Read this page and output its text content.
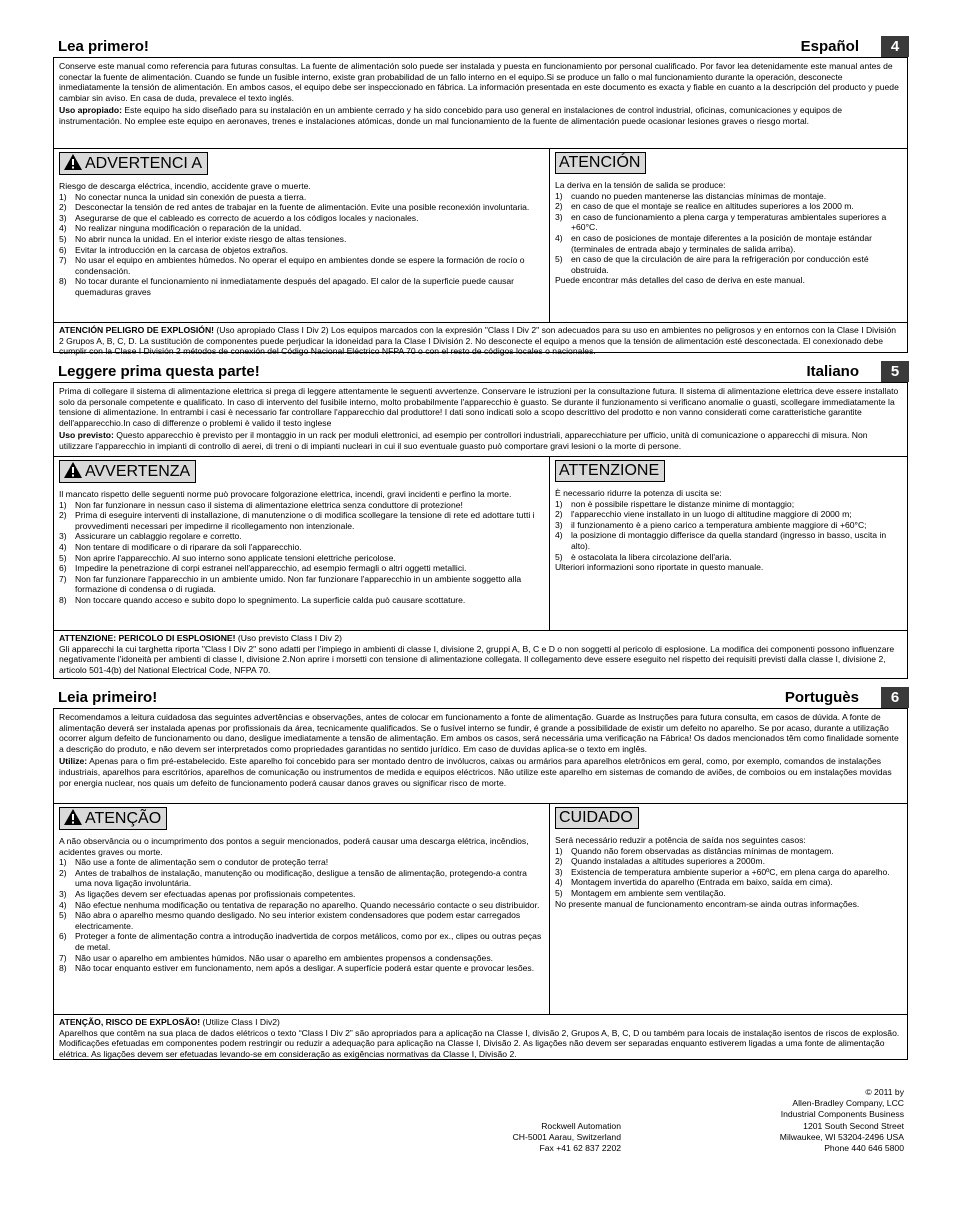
Lea primero!	Español	4

Conserve este manual como referencia para futuras consultas. La fuente de alimentación solo puede ser instalada y puesta en funcionamiento por personal cualificado. Por favor lea detenidamente este manual antes de conectar la fuente de alimentación. Cuando se funde un fusible interno, existe gran probabilidad de un fallo interno en el equipo.Si se produce un fallo o mal funcionamiento durante la operación, desconecte inmediatamente la tensión de alimentación. En ambos casos, el equipo debe ser inspeccionado en fábrica. La información presentada en este documento es exacta y fiable en cuanto a la descripción del producto y puede cambiar sin aviso. En casa de duda, prevalece el texto inglés.

Uso apropiado: Este equipo ha sido diseñado para su instalación en un ambiente cerrado y ha sido concebido para uso general en instalaciones de control industrial, oficinas, comunicaciones y equipos de instrumentación. No emplee este equipo en aeronaves, trenes e instalaciones atómicas, donde un mal funcionamiento de la fuente de alimentación puede ocasionar lesiones graves o riesgo mortal.

ADVERTENCI A
Riesgo de descarga eléctrica, incendio, accidente grave o muerte.
1) No conectar nunca la unidad sin conexión de puesta a tierra.
2) Desconectar la tensión de red antes de trabajar en la fuente de alimentación. Evite una posible reconexión involuntaria.
3) Asegurarse de que el cableado es correcto de acuerdo a los códigos locales y nacionales.
4) No realizar ninguna modificación o reparación de la unidad.
5) No abrir nunca la unidad. En el interior existe riesgo de altas tensiones.
6) Evitar la introducción en la carcasa de objetos extraños.
7) No usar el equipo en ambientes húmedos. No operar el equipo en ambientes donde se espere la formación de rocío o condensación.
8) No tocar durante el funcionamiento ni inmediatamente después del apagado. El calor de la superficie puede causar quemaduras graves
ATENCIÓN
La deriva en la tensión de salida se produce:
1) cuando no pueden mantenerse las distancias mínimas de montaje.
2) en caso de que el montaje se realice en altitudes superiores a los 2000 m.
3) en caso de funcionamiento a plena carga y temperaturas ambientales superiores a +60°C.
4) en caso de posiciones de montaje diferentes a la posición de montaje estándar (terminales de entrada abajo y terminales de salida arriba).
5) en caso de que la circulación de aire para la refrigeración por conducción esté obstruida.
Puede encontrar más detalles del caso de deriva en este manual.
ATENCIÓN PELIGRO DE EXPLOSIÓN! (Uso apropiado Class I Div 2) Los equipos marcados con la expresión "Class I Div 2" son adecuados para su uso en ambientes no peligrosos y en entornos con la Clase I División 2 Grupos A, B, C, D. La sustitución de componentes puede perjudicar la idoneidad para la Clase I División 2. No desconecte el equipo a menos que la tensión de alimentación esté desconectada. El conexionado debe cumplir con la Clase I División 2 métodos de conexión del Código Nacional Eléctrico NFPA 70 o con el resto de códigos locales o nacionales.
Leggere prima questa parte!	Italiano	5

Prima di collegare il sistema di alimentazione elettrica si prega di leggere attentamente le seguenti avvertenze. Conservare le istruzioni per la consultazione futura. Il sistema di alimentazione elettrica deve essere installato solo da personale competente e qualificato. In caso di intervento del fusibile interno, molto probabilmente l'apparecchio è guasto. Se durante il funzionamento si verificano anomalie o guasti, scollegare immediatamente la tensione di alimentazione. In entrambi i casi è necessario far controllare l'apparecchio dal produttore! I dati sono indicati solo a scopo descrittivo del prodotto e non vanno considerati come caratteristiche garantite dell'apparecchio.In caso di differenze o problemi è valido il testo inglese

Uso previsto: Questo apparecchio è previsto per il montaggio in un rack per moduli elettronici, ad esempio per controllori industriali, apparecchiature per ufficio, unità di comunicazione o apparecchi di misura. Non utilizzare l'apparecchio in impianti di controllo di aerei, di treni o di impianti nucleari in cui il suo eventuale guasto può comportare gravi lesioni o la morte di persone.

AVVERTENZA
Il mancato rispetto delle seguenti norme può provocare folgorazione elettrica, incendi, gravi incidenti e perfino la morte.
1) Non far funzionare in nessun caso il sistema di alimentazione elettrica senza conduttore di protezione!
2) Prima di eseguire interventi di installazione, di manutenzione o di modifica scollegare la tensione di rete ed adottare tutti i provvedimenti necessari per impedirne il ricollegamento non intenzionale.
3) Assicurare un cablaggio regolare e corretto.
4) Non tentare di modificare o di riparare da soli l'apparecchio.
5) Non aprire l'apparecchio. Al suo interno sono applicate tensioni elettriche pericolose.
6) Impedire la penetrazione di corpi estranei nell'apparecchio, ad esempio fermagli o altri oggetti metallici.
7) Non far funzionare l'apparecchio in un ambiente umido. Non far funzionare l'apparecchio in un ambiente soggetto alla formazione di condensa o di rugiada.
8) Non toccare quando acceso e subito dopo lo spegnimento. La superficie calda può causare scottature.
ATTENZIONE
È necessario ridurre la potenza di uscita se:
1) non è possibile rispettare le distanze minime di montaggio;
2) l'apparecchio viene installato in un luogo di altitudine maggiore di 2000 m;
3) il funzionamento è a pieno carico a temperatura ambiente maggiore di +60°C;
4) la posizione di montaggio differisce da quella standard (ingresso in basso, uscita in alto).
5) è ostacolata la libera circolazione dell'aria.
Ulteriori informazioni sono riportate in questo manuale.
ATTENZIONE: PERICOLO DI ESPLOSIONE! (Uso previsto Class I Div 2)
Gli apparecchi la cui targhetta riporta "Class I Div 2" sono adatti per l'impiego in ambienti di classe I, divisione 2, gruppi A, B, C e D o non soggetti al pericolo di esplosione. La modifica dei componenti possono influenzare negativamente l'idoneità per ambienti di classe I, divisione 2.Non aprire i morsetti con tensione di alimentazione collegata. Il collegamento deve essere eseguito nel rispetto dei requisiti previsti dalla classe I, divisione 2, articolo 501-4(b) del National Electrical Code, NFPA 70.
Leia primeiro!	Portuguès	6

Recomendamos a leitura cuidadosa das seguintes advertências e observações, antes de colocar em funcionamento a fonte de alimentação. Guarde as Instruções para futura consulta, em casos de dúvida. A fonte de alimentação deverá ser instalada apenas por profissionais da área, tecnicamente qualificados. Se o fusível interno se fundir, é grande a possibilidade de existir um defeito no aparelho. Se por acaso, durante a utilização ocorrer algum defeito de funcionamento ou dano, desligue imediatamente a tensão de alimentação. Em ambos os casos, será necessária uma verificação na Fábrica! Os dados mencionados têm como finalidade somente a descrição do produto, e não devem ser interpretados como propriedades garantidas no sentido jurídico. Em caso de duvidas aplica-se o texto em inglês.

Utilize: Apenas para o fim pré-estabelecido. Este aparelho foi concebido para ser montado dentro de invólucros, caixas ou armários para aparelhos eletrônicos em geral, como, por exemplo, comandos de instalações industriais, aparelhos para escritórios, aparelhos de comunicação ou instrumentos de medida e equipos eléctricos. Não utilize este aparelho em sistemas de comando de aviões, de comboios ou em instalações movidas por energia nuclear, nos quais um defeito de funcionamento poderá causar danos graves ou significar risco de morte.

ATENÇÃO
A não observância ou o incumprimento dos pontos a seguir mencionados, poderá causar uma descarga elétrica, incêndios, acidentes graves ou morte.
1) Não use a fonte de alimentação sem o condutor de proteção terra!
2) Antes de trabalhos de instalação, manutenção ou modificação, desligue a tensão de alimentação, protegendo-a contra uma nova ligação involuntária.
3) As ligações devem ser efectuadas apenas por profissionais competentes.
4) Não efectue nenhuma modificação ou tentativa de reparação no aparelho. Quando necessário contacte o seu distribuidor.
5) Não abra o aparelho mesmo quando desligado. No seu interior existem condensadores que podem estar carregados electricamente.
6) Proteger a fonte de alimentação contra a introdução inadvertida de corpos metálicos, como por ex., clipes ou outras peças de metal.
7) Não usar o aparelho em ambientes húmidos. Não usar o aparelho em ambientes propensos a condensações.
8) Não tocar enquanto estiver em funcionamento, nem após a desligar. A superfície poderá estar quente e provocar lesões.
CUIDADO
Será necessário reduzir a potência de saída nos seguintes casos:
1) Quando não forem observadas as distâncias mínimas de montagem.
2) Quando instaladas a altitudes superiores a 2000m.
3) Existencia de temperatura ambiente superior a +60ºC, em plena carga do aparelho.
4) Montagem invertida do aparelho (Entrada em baixo, saída em cima).
5) Montagem em ambiente sem ventilação.
No presente manual de funcionamento encontram-se ainda outras informações.
ATENÇÃO, RISCO DE EXPLOSÃO! (Utilize Class I Div2)
Aparelhos que contêm na sua placa de dados elétricos o texto “Class I Div 2” são apropriados para a aplicação na Classe I, divisão 2, Grupos A, B, C, D ou também para locais de instalação isentos de riscos de explosão. Modificações efetuadas em componentes podem restringir ou reduzir a adequação para aplicação na Classe I, Divisão 2. As ligações não devem ser separadas enquanto estiverem ligadas a uma fonte de alimentação elétrica. As ligações devem ser efetuadas levando-se em consideração as exigências normativas da Classe I, Divisão 2.
Rockwell Automation
CH-5001 Aarau, Switzerland
Fax +41 62 837 2202
© 2011 by
Allen-Bradley Company, LCC
Industrial Components Business
1201 South Second Street
Milwaukee, WI 53204-2496 USA
Phone 440 646 5800
